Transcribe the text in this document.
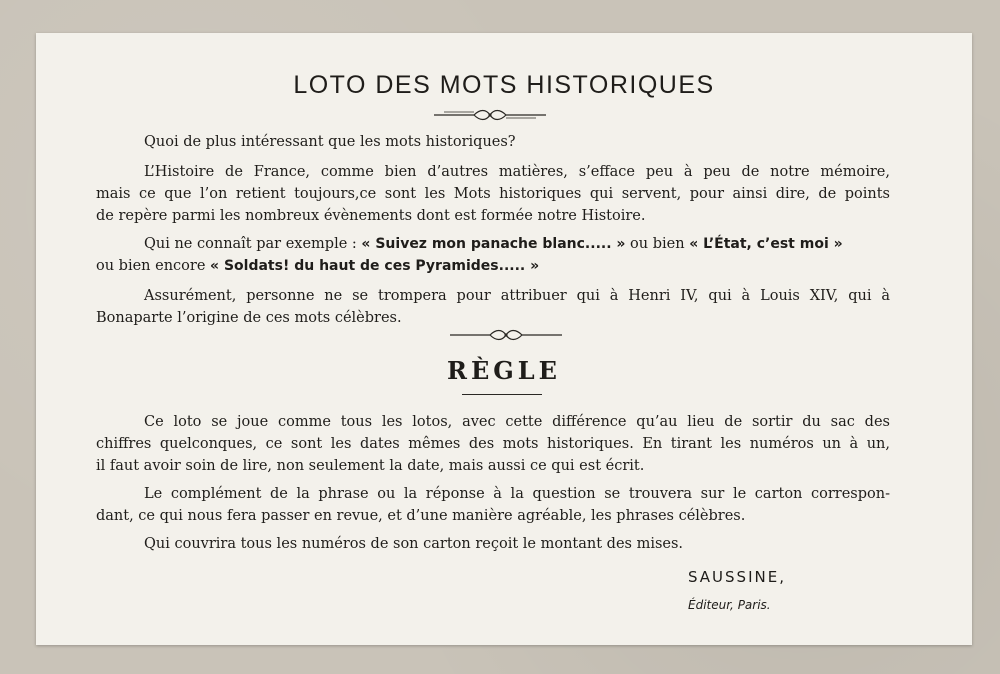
LOTO DES MOTS HISTORIQUES

Quoi de plus intéressant que les mots historiques?

L’Histoire de France, comme bien d’autres matières, s’efface peu à peu de notre mémoire,

mais ce que l’on retient toujours,ce sont les Mots historiques qui servent, pour ainsi dire, de points

de repère parmi les nombreux évènements dont est formée notre Histoire.

Qui ne connaît par exemple : « Suivez mon panache blanc..... » ou bien « L’État, c’est moi »

ou bien encore « Soldats! du haut de ces Pyramides..... »

Assurément, personne ne se trompera pour attribuer qui à Henri IV, qui à Louis XIV, qui à

Bonaparte l’origine de ces mots célèbres.

RÈGLE

Ce loto se joue comme tous les lotos, avec cette différence qu’au lieu de sortir du sac des

chiffres quelconques, ce sont les dates mêmes des mots historiques. En tirant les numéros un à un,

il faut avoir soin de lire, non seulement la date, mais aussi ce qui est écrit.

Le complément de la phrase ou la réponse à la question se trouvera sur le carton correspon-

dant, ce qui nous fera passer en revue, et d’une manière agréable, les phrases célèbres.

Qui couvrira tous les numéros de son carton reçoit le montant des mises.

SAUSSINE,

Éditeur, Paris.
